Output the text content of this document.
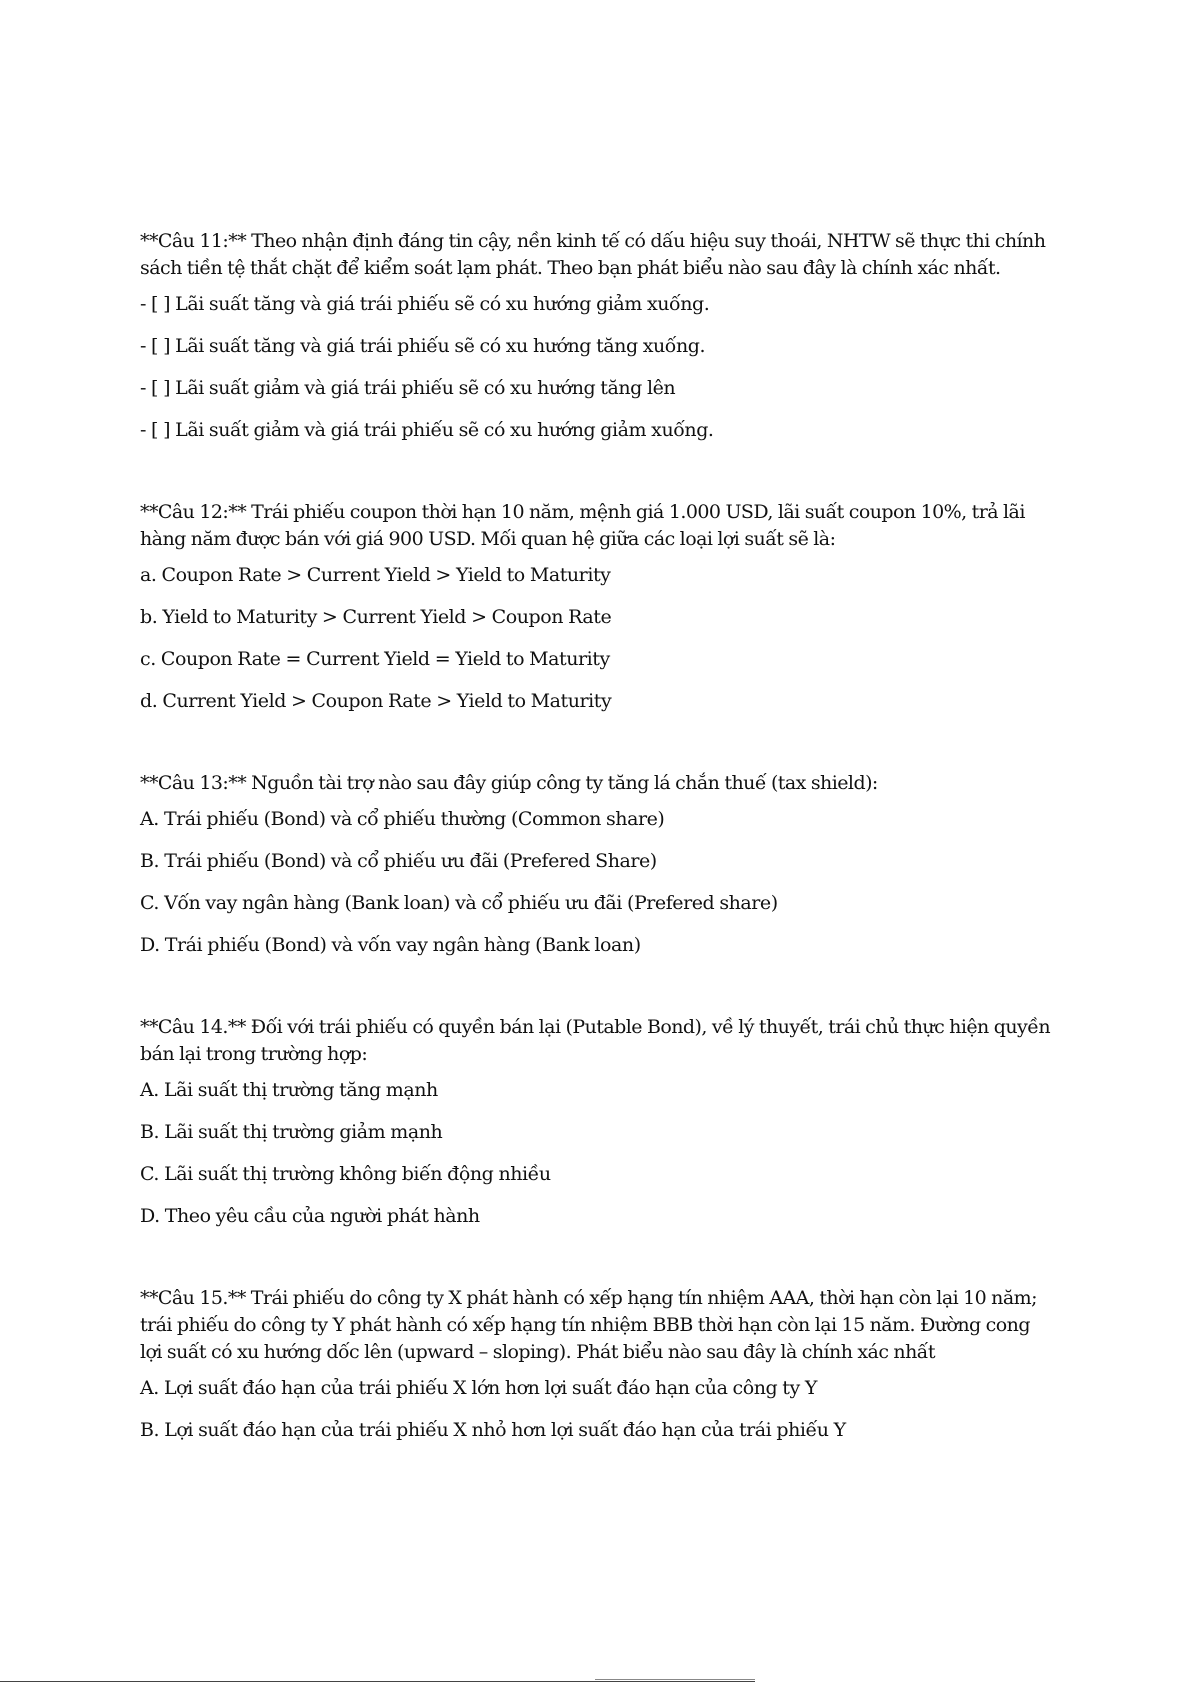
**Câu 11:** Theo nhận định đáng tin cậy, nền kinh tế có dấu hiệu suy thoái, NHTW sẽ thực thi chính sách tiền tệ thắt chặt để kiểm soát lạm phát. Theo bạn phát biểu nào sau đây là chính xác nhất.

- [ ] Lãi suất tăng và giá trái phiếu sẽ có xu hướng giảm xuống.

- [ ] Lãi suất tăng và giá trái phiếu sẽ có xu hướng tăng xuống.

- [ ] Lãi suất giảm và giá trái phiếu sẽ có xu hướng tăng lên

- [ ] Lãi suất giảm và giá trái phiếu sẽ có xu hướng giảm xuống.

**Câu 12:** Trái phiếu coupon thời hạn 10 năm, mệnh giá 1.000 USD, lãi suất coupon 10%, trả lãi hàng năm được bán với giá 900 USD. Mối quan hệ giữa các loại lợi suất sẽ là:

a. Coupon Rate > Current Yield > Yield to Maturity

b. Yield to Maturity > Current Yield > Coupon Rate

c. Coupon Rate = Current Yield = Yield to Maturity

d. Current Yield > Coupon Rate > Yield to Maturity

**Câu 13:** Nguồn tài trợ nào sau đây giúp công ty tăng lá chắn thuế (tax shield):

A. Trái phiếu (Bond) và cổ phiếu thường (Common share)

B. Trái phiếu (Bond) và cổ phiếu ưu đãi (Prefered Share)

C. Vốn vay ngân hàng (Bank loan) và cổ phiếu ưu đãi (Prefered share)

D. Trái phiếu (Bond) và vốn vay ngân hàng (Bank loan)

**Câu 14.** Đối với trái phiếu có quyền bán lại (Putable Bond), về lý thuyết, trái chủ thực hiện quyền bán lại trong trường hợp:

A. Lãi suất thị trường tăng mạnh

B. Lãi suất thị trường giảm mạnh

C. Lãi suất thị trường không biến động nhiều

D. Theo yêu cầu của người phát hành

**Câu 15.** Trái phiếu do công ty X phát hành có xếp hạng tín nhiệm AAA, thời hạn còn lại 10 năm; trái phiếu do công ty Y phát hành có xếp hạng tín nhiệm BBB thời hạn còn lại 15 năm. Đường cong lợi suất có xu hướng dốc lên (upward – sloping). Phát biểu nào sau đây là chính xác nhất

A. Lợi suất đáo hạn của trái phiếu X lớn hơn lợi suất đáo hạn của công ty Y

B. Lợi suất đáo hạn của trái phiếu X nhỏ hơn lợi suất đáo hạn của trái phiếu Y
